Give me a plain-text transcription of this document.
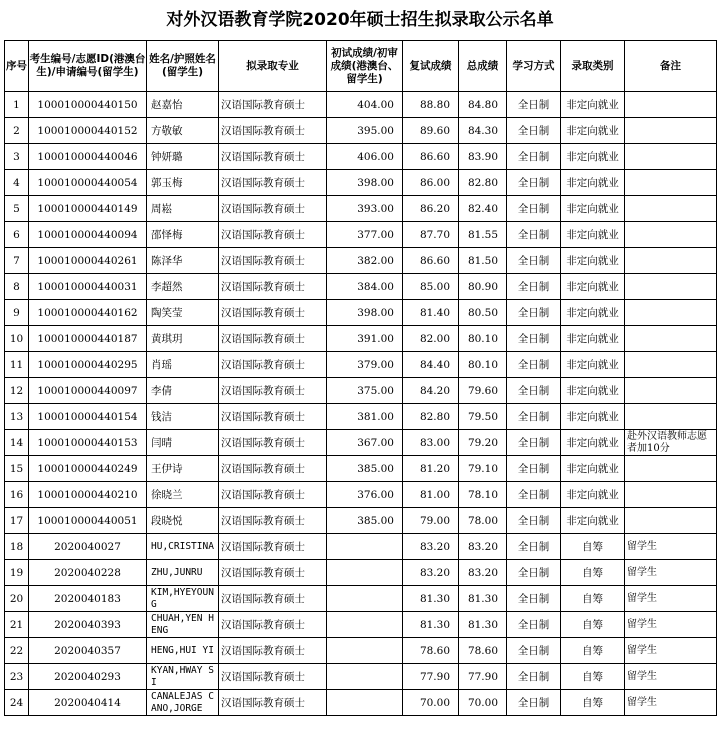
对外汉语教育学院2020年硕士招生拟录取公示名单
序号	考生编号/志愿ID(港澳台生)/申请编号(留学生)	姓名/护照姓名(留学生)	拟录取专业	初试成绩/初审成绩(港澳台、留学生)	复试成绩	总成绩	学习方式	录取类别	备注
1	100010000440150	赵嘉怡	汉语国际教育硕士	404.00	88.80	84.80	全日制	非定向就业	
2	100010000440152	方敬敏	汉语国际教育硕士	395.00	89.60	84.30	全日制	非定向就业	
3	100010000440046	钟妍璐	汉语国际教育硕士	406.00	86.60	83.90	全日制	非定向就业	
4	100010000440054	郭玉梅	汉语国际教育硕士	398.00	86.00	82.80	全日制	非定向就业	
5	100010000440149	周崧	汉语国际教育硕士	393.00	86.20	82.40	全日制	非定向就业	
6	100010000440094	邵怿梅	汉语国际教育硕士	377.00	87.70	81.55	全日制	非定向就业	
7	100010000440261	陈泽华	汉语国际教育硕士	382.00	86.60	81.50	全日制	非定向就业	
8	100010000440031	李超然	汉语国际教育硕士	384.00	85.00	80.90	全日制	非定向就业	
9	100010000440162	陶笑莹	汉语国际教育硕士	398.00	81.40	80.50	全日制	非定向就业	
10	100010000440187	黄琪玥	汉语国际教育硕士	391.00	82.00	80.10	全日制	非定向就业	
11	100010000440295	肖瑶	汉语国际教育硕士	379.00	84.40	80.10	全日制	非定向就业	
12	100010000440097	李倩	汉语国际教育硕士	375.00	84.20	79.60	全日制	非定向就业	
13	100010000440154	钱洁	汉语国际教育硕士	381.00	82.80	79.50	全日制	非定向就业	
14	100010000440153	闫晴	汉语国际教育硕士	367.00	83.00	79.20	全日制	非定向就业	赴外汉语教师志愿者加10分
15	100010000440249	王伊诗	汉语国际教育硕士	385.00	81.20	79.10	全日制	非定向就业	
16	100010000440210	徐晓兰	汉语国际教育硕士	376.00	81.00	78.10	全日制	非定向就业	
17	100010000440051	段晓悦	汉语国际教育硕士	385.00	79.00	78.00	全日制	非定向就业	
18	2020040027	HU,CRISTINA	汉语国际教育硕士		83.20	83.20	全日制	自筹	留学生
19	2020040228	ZHU,JUNRU	汉语国际教育硕士		83.20	83.20	全日制	自筹	留学生
20	2020040183	KIM,HYEYOUNG	汉语国际教育硕士		81.30	81.30	全日制	自筹	留学生
21	2020040393	CHUAH,YEN HENG	汉语国际教育硕士		81.30	81.30	全日制	自筹	留学生
22	2020040357	HENG,HUI YI	汉语国际教育硕士		78.60	78.60	全日制	自筹	留学生
23	2020040293	KYAN,HWAY SI	汉语国际教育硕士		77.90	77.90	全日制	自筹	留学生
24	2020040414	CANALEJAS CANO,JORGE	汉语国际教育硕士		70.00	70.00	全日制	自筹	留学生
